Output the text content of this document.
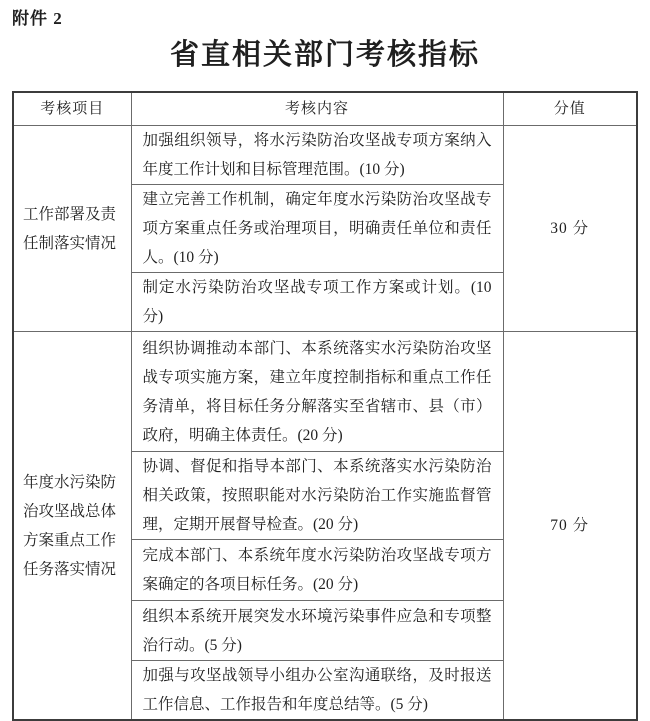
附件 2
省直相关部门考核指标
考核项目	考核内容	分值
工作部署及责任制落实情况	加强组织领导，将水污染防治攻坚战专项方案纳入年度工作计划和目标管理范围。(10 分)	30 分
	建立完善工作机制，确定年度水污染防治攻坚战专项方案重点任务或治理项目，明确责任单位和责任人。(10 分)	
	制定水污染防治攻坚战专项工作方案或计划。(10 分)	
年度水污染防治攻坚战总体方案重点工作任务落实情况	组织协调推动本部门、本系统落实水污染防治攻坚战专项实施方案，建立年度控制指标和重点工作任务清单，将目标任务分解落实至省辖市、县（市）政府，明确主体责任。(20 分)	70 分
	协调、督促和指导本部门、本系统落实水污染防治相关政策，按照职能对水污染防治工作实施监督管理，定期开展督导检查。(20 分)	
	完成本部门、本系统年度水污染防治攻坚战专项方案确定的各项目标任务。(20 分)	
	组织本系统开展突发水环境污染事件应急和专项整治行动。(5 分)	
	加强与攻坚战领导小组办公室沟通联络，及时报送工作信息、工作报告和年度总结等。(5 分)	
